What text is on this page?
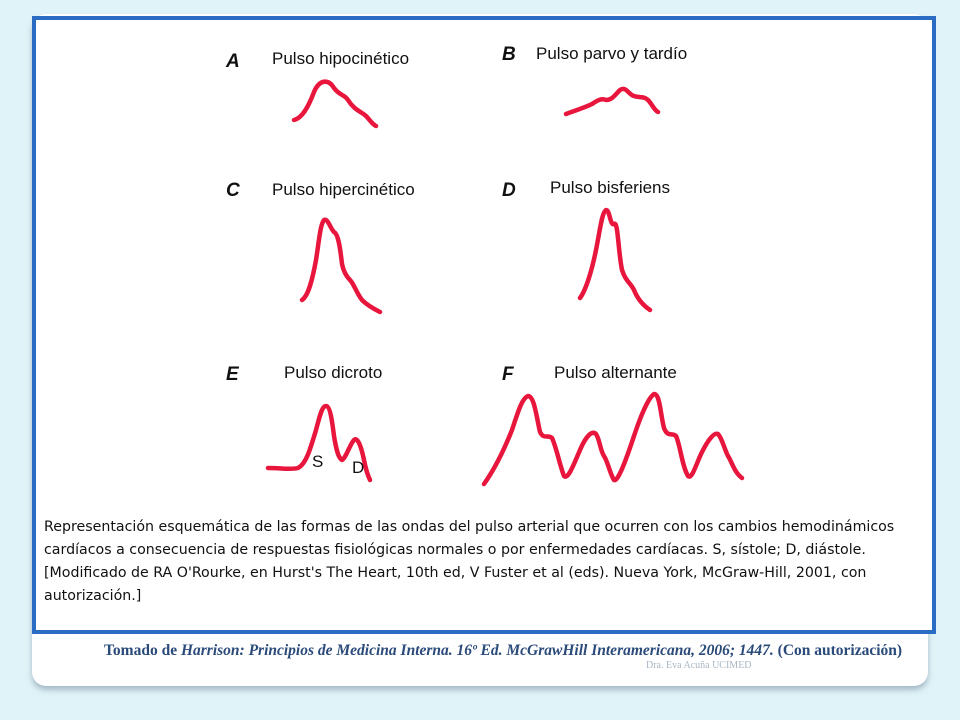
A Pulso hipocinético	B Pulso parvo y tardío
C Pulso hipercinético	D Pulso bisferiens
E	Pulso dicroto	F Pulso alternante
S D

Representación esquemática de las formas de las ondas del pulso arterial que ocurren con los cambios hemodinámicos

cardíacos a consecuencia de respuestas fisiológicas normales o por enfermedades cardíacas. S, sístole; D, diástole.

[Modificado de RA O'Rourke, en Hurst's The Heart, 10th ed, V Fuster et al (eds). Nueva York, McGraw-Hill, 2001, con

autorización.]

Tomado de Harrison: Principios de Medicina Interna. 16º Ed. McGrawHill Interamericana, 2006; 1447. (Con autorización)
Dra. Eva Acuña UCIMED
